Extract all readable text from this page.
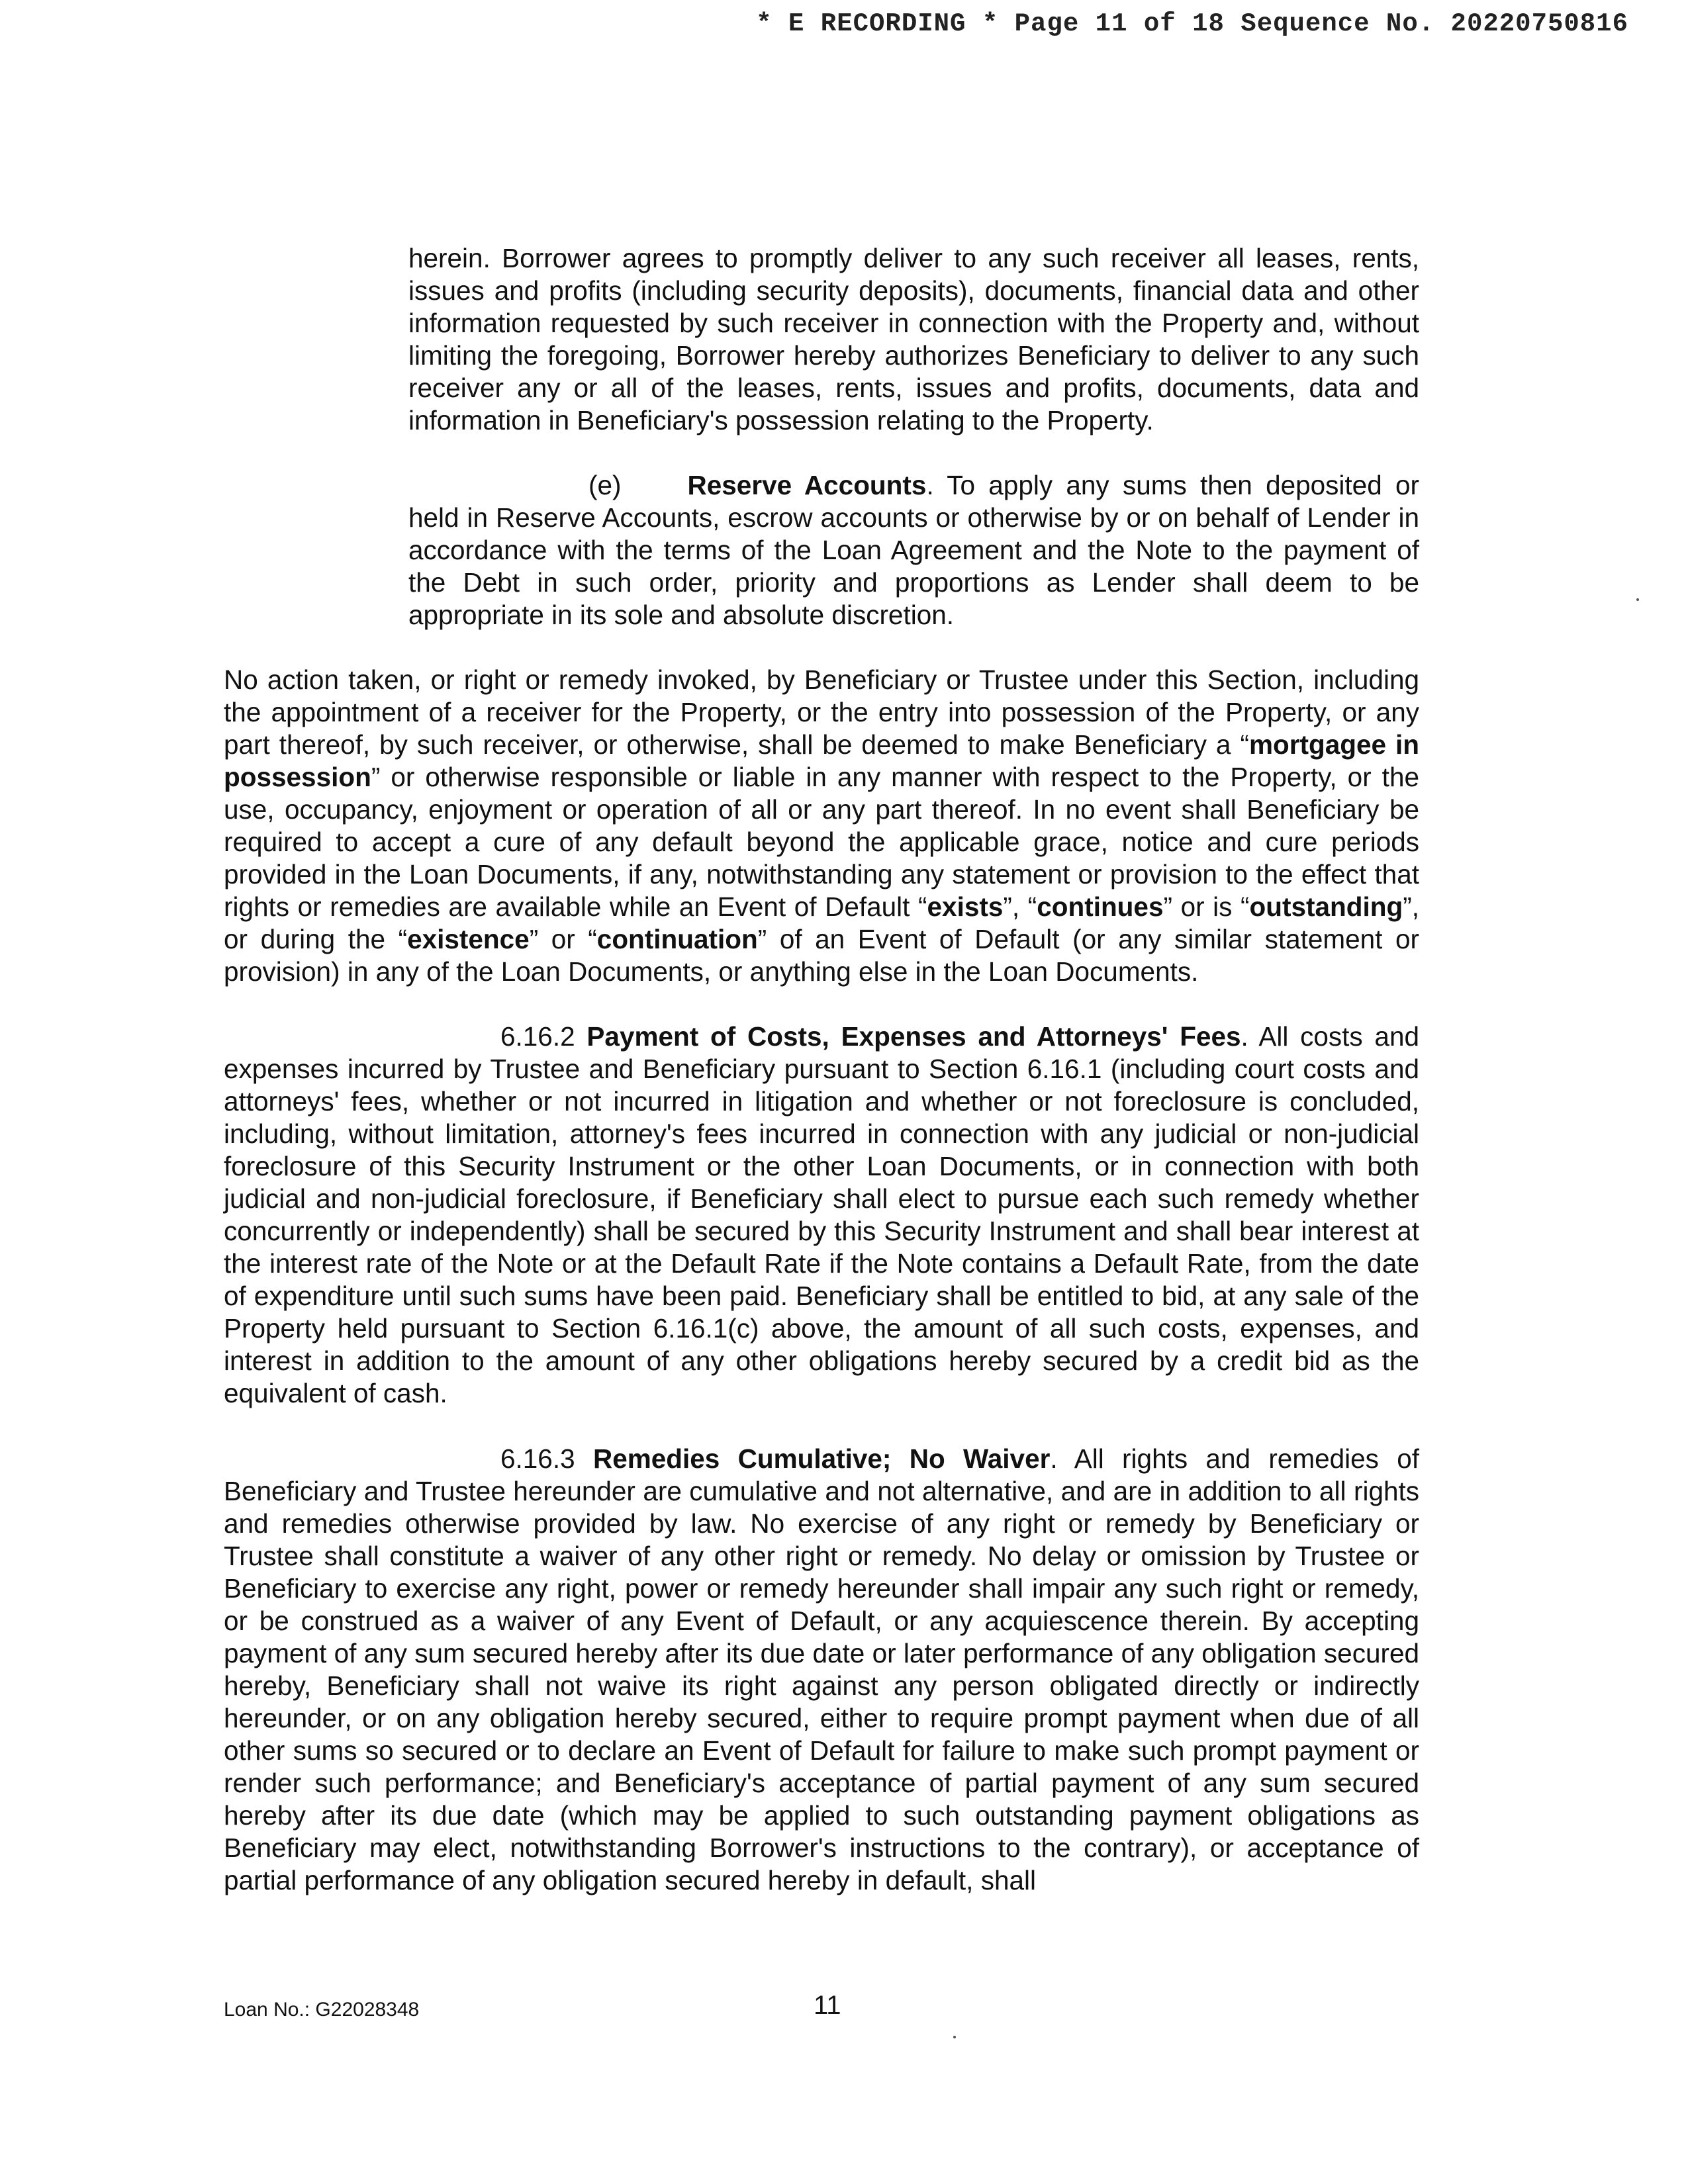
* E RECORDING * Page 11 of 18 Sequence No. 20220750816

herein. Borrower agrees to promptly deliver to any such receiver all leases, rents, issues and profits (including security deposits), documents, financial data and other information requested by such receiver in connection with the Property and, without limiting the foregoing, Borrower hereby authorizes Beneficiary to deliver to any such receiver any or all of the leases, rents, issues and profits, documents, data and information in Beneficiary's possession relating to the Property.

(e) Reserve Accounts. To apply any sums then deposited or held in Reserve Accounts, escrow accounts or otherwise by or on behalf of Lender in accordance with the terms of the Loan Agreement and the Note to the payment of the Debt in such order, priority and proportions as Lender shall deem to be appropriate in its sole and absolute discretion.

No action taken, or right or remedy invoked, by Beneficiary or Trustee under this Section, including the appointment of a receiver for the Property, or the entry into possession of the Property, or any part thereof, by such receiver, or otherwise, shall be deemed to make Beneficiary a “mortgagee in possession” or otherwise responsible or liable in any manner with respect to the Property, or the use, occupancy, enjoyment or operation of all or any part thereof. In no event shall Beneficiary be required to accept a cure of any default beyond the applicable grace, notice and cure periods provided in the Loan Documents, if any, notwithstanding any statement or provision to the effect that rights or remedies are available while an Event of Default “exists”, “continues” or is “outstanding”, or during the “existence” or “continuation” of an Event of Default (or any similar statement or provision) in any of the Loan Documents, or anything else in the Loan Documents.

6.16.2 Payment of Costs, Expenses and Attorneys' Fees. All costs and expenses incurred by Trustee and Beneficiary pursuant to Section 6.16.1 (including court costs and attorneys' fees, whether or not incurred in litigation and whether or not foreclosure is concluded, including, without limitation, attorney's fees incurred in connection with any judicial or non-judicial foreclosure of this Security Instrument or the other Loan Documents, or in connection with both judicial and non-judicial foreclosure, if Beneficiary shall elect to pursue each such remedy whether concurrently or independently) shall be secured by this Security Instrument and shall bear interest at the interest rate of the Note or at the Default Rate if the Note contains a Default Rate, from the date of expenditure until such sums have been paid. Beneficiary shall be entitled to bid, at any sale of the Property held pursuant to Section 6.16.1(c) above, the amount of all such costs, expenses, and interest in addition to the amount of any other obligations hereby secured by a credit bid as the equivalent of cash.

6.16.3 Remedies Cumulative; No Waiver. All rights and remedies of Beneficiary and Trustee hereunder are cumulative and not alternative, and are in addition to all rights and remedies otherwise provided by law. No exercise of any right or remedy by Beneficiary or Trustee shall constitute a waiver of any other right or remedy. No delay or omission by Trustee or Beneficiary to exercise any right, power or remedy hereunder shall impair any such right or remedy, or be construed as a waiver of any Event of Default, or any acquiescence therein. By accepting payment of any sum secured hereby after its due date or later performance of any obligation secured hereby, Beneficiary shall not waive its right against any person obligated directly or indirectly hereunder, or on any obligation hereby secured, either to require prompt payment when due of all other sums so secured or to declare an Event of Default for failure to make such prompt payment or render such performance; and Beneficiary's acceptance of partial payment of any sum secured hereby after its due date (which may be applied to such outstanding payment obligations as Beneficiary may elect, notwithstanding Borrower's instructions to the contrary), or acceptance of partial performance of any obligation secured hereby in default, shall

Loan No.: G22028348	11
